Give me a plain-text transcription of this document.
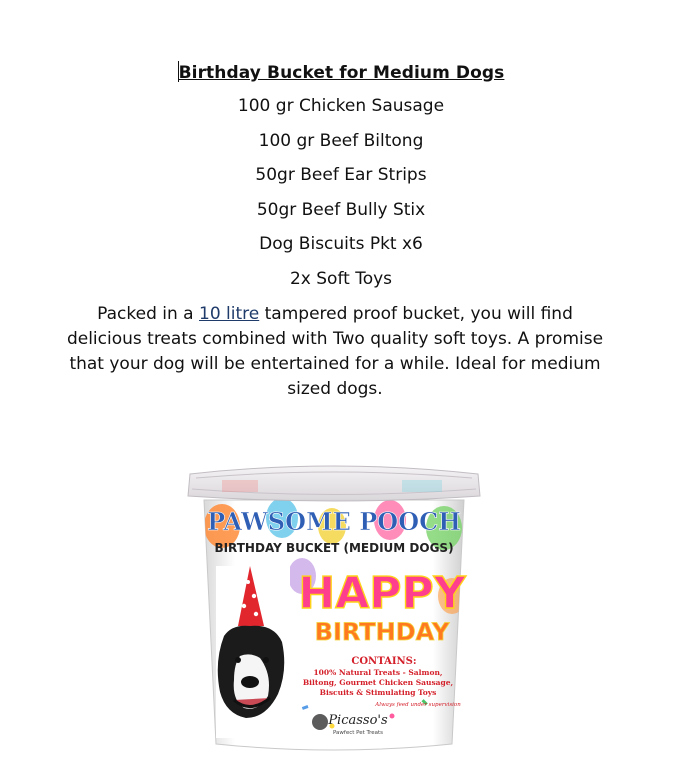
Birthday Bucket for Medium Dogs
100 gr Chicken Sausage
100 gr Beef Biltong
50gr Beef Ear Strips
50gr Beef Bully Stix
Dog Biscuits Pkt x6
2x Soft Toys
Packed in a 10 litre tampered proof bucket, you will find delicious treats combined with Two quality soft toys. A promise that your dog will be entertained for a while. Ideal for medium sized dogs.
PAWSOME POOCH
BIRTHDAY BUCKET (MEDIUM DOGS)
HAPPY
BIRTHDAY
CONTAINS:
100% Natural Treats - Salmon,
Biltong, Gourmet Chicken Sausage,
Biscuits & Stimulating Toys
Always feed under supervision
Picasso's
Pawfect Pet Treats
